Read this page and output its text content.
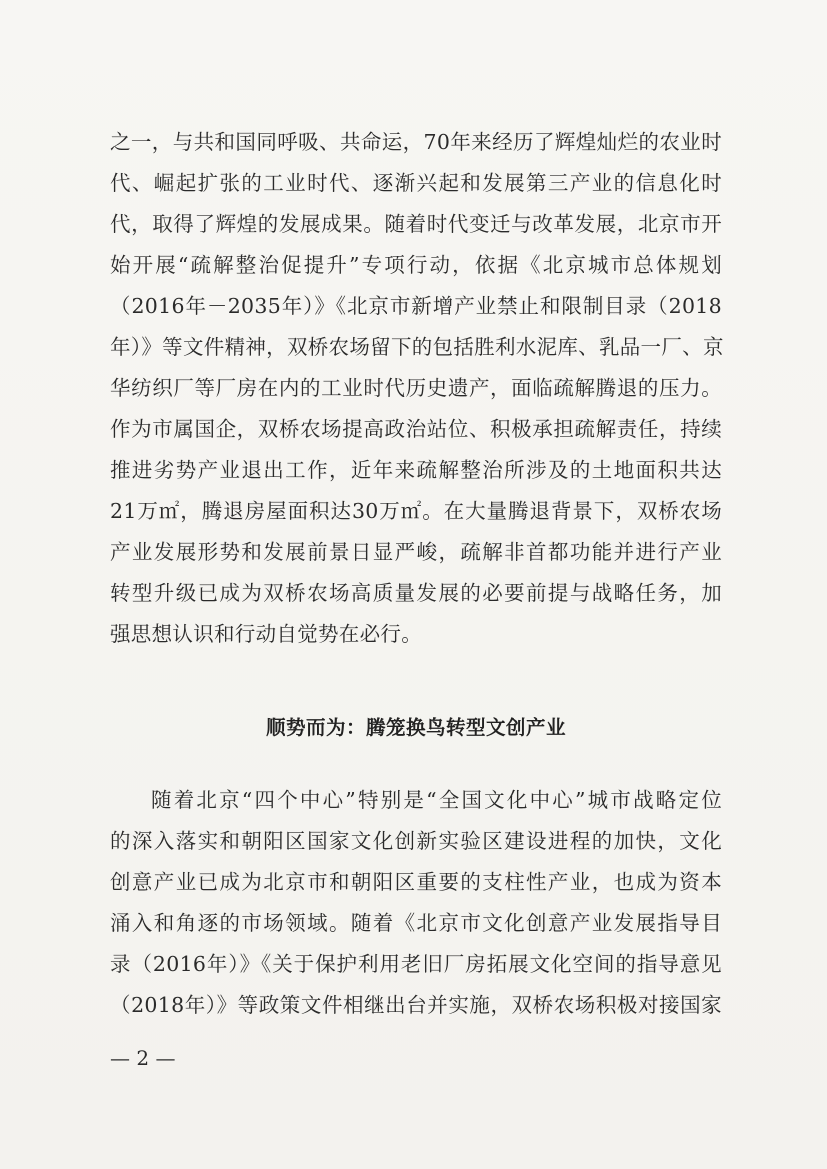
之一，与共和国同呼吸、共命运，70年来经历了辉煌灿烂的农业时
代、崛起扩张的工业时代、逐渐兴起和发展第三产业的信息化时
代，取得了辉煌的发展成果。随着时代变迁与改革发展，北京市开
始开展“疏解整治促提升”专项行动，依据《北京城市总体规划
（2016年－2035年）》《北京市新增产业禁止和限制目录（2018
年）》等文件精神，双桥农场留下的包括胜利水泥库、乳品一厂、京
华纺织厂等厂房在内的工业时代历史遗产，面临疏解腾退的压力。
作为市属国企，双桥农场提高政治站位、积极承担疏解责任，持续
推进劣势产业退出工作，近年来疏解整治所涉及的土地面积共达
21万㎡，腾退房屋面积达30万㎡。在大量腾退背景下，双桥农场
产业发展形势和发展前景日显严峻，疏解非首都功能并进行产业
转型升级已成为双桥农场高质量发展的必要前提与战略任务，加
强思想认识和行动自觉势在必行。
顺势而为：腾笼换鸟转型文创产业
随着北京“四个中心”特别是“全国文化中心”城市战略定位
的深入落实和朝阳区国家文化创新实验区建设进程的加快，文化
创意产业已成为北京市和朝阳区重要的支柱性产业，也成为资本
涌入和角逐的市场领域。随着《北京市文化创意产业发展指导目
录（2016年）》《关于保护利用老旧厂房拓展文化空间的指导意见
（2018年）》等政策文件相继出台并实施，双桥农场积极对接国家
— 2 —
